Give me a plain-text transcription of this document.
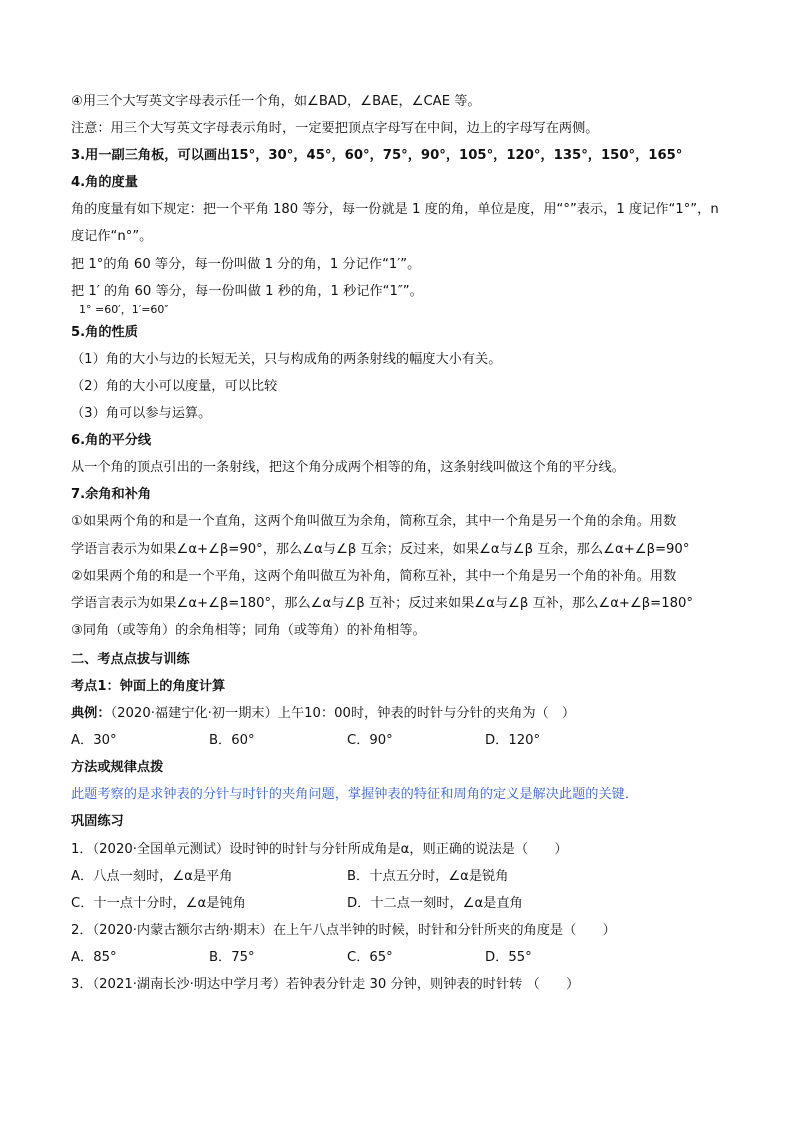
④用三个大写英文字母表示任一个角，如∠BAD，∠BAE，∠CAE 等。

注意：用三个大写英文字母表示角时，一定要把顶点字母写在中间，边上的字母写在两侧。

3.用一副三角板，可以画出15°，30°，45°，60°，75°，90°，105°，120°，135°，150°，165°

4.角的度量

角的度量有如下规定：把一个平角 180 等分，每一份就是 1 度的角，单位是度，用“°”表示，1 度记作“1°”，n

度记作“n°”。

把 1°的角 60 等分，每一份叫做 1 分的角，1 分记作“1′”。

把 1′ 的角 60 等分，每一份叫做 1 秒的角，1 秒记作“1″”。

1° =60′，1′=60″

5.角的性质

（1）角的大小与边的长短无关，只与构成角的两条射线的幅度大小有关。

（2）角的大小可以度量，可以比较

（3）角可以参与运算。

6.角的平分线

从一个角的顶点引出的一条射线，把这个角分成两个相等的角，这条射线叫做这个角的平分线。

7.余角和补角

①如果两个角的和是一个直角，这两个角叫做互为余角，简称互余，其中一个角是另一个角的余角。用数

学语言表示为如果∠α+∠β=90°，那么∠α与∠β 互余；反过来，如果∠α与∠β 互余，那么∠α+∠β=90°

②如果两个角的和是一个平角，这两个角叫做互为补角，简称互补，其中一个角是另一个角的补角。用数

学语言表示为如果∠α+∠β=180°，那么∠α与∠β 互补；反过来如果∠α与∠β 互补，那么∠α+∠β=180°

③同角（或等角）的余角相等；同角（或等角）的补角相等。

二、考点点拔与训练

考点1：钟面上的角度计算

典例：（2020·福建宁化·初一期末）上午10：00时，钟表的时针与分针的夹角为（　）

A．30°	B．60°	C．90°	D．120°

方法或规律点拨

此题考察的是求钟表的分针与时针的夹角问题，掌握钟表的特征和周角的定义是解决此题的关键．

巩固练习

1．（2020·全国单元测试）设时钟的时针与分针所成角是α，则正确的说法是（　　）

A．八点一刻时，∠α是平角	B．十点五分时，∠α是锐角
C．十一点十分时，∠α是钝角	D．十二点一刻时，∠α是直角

2．（2020·内蒙古额尔古纳·期末）在上午八点半钟的时候，时针和分针所夹的角度是（　　）

A．85°	B．75°	C．65°	D．55°

3．（2021·湖南长沙·明达中学月考）若钟表分针走 30 分钟，则钟表的时针转 （　　）
